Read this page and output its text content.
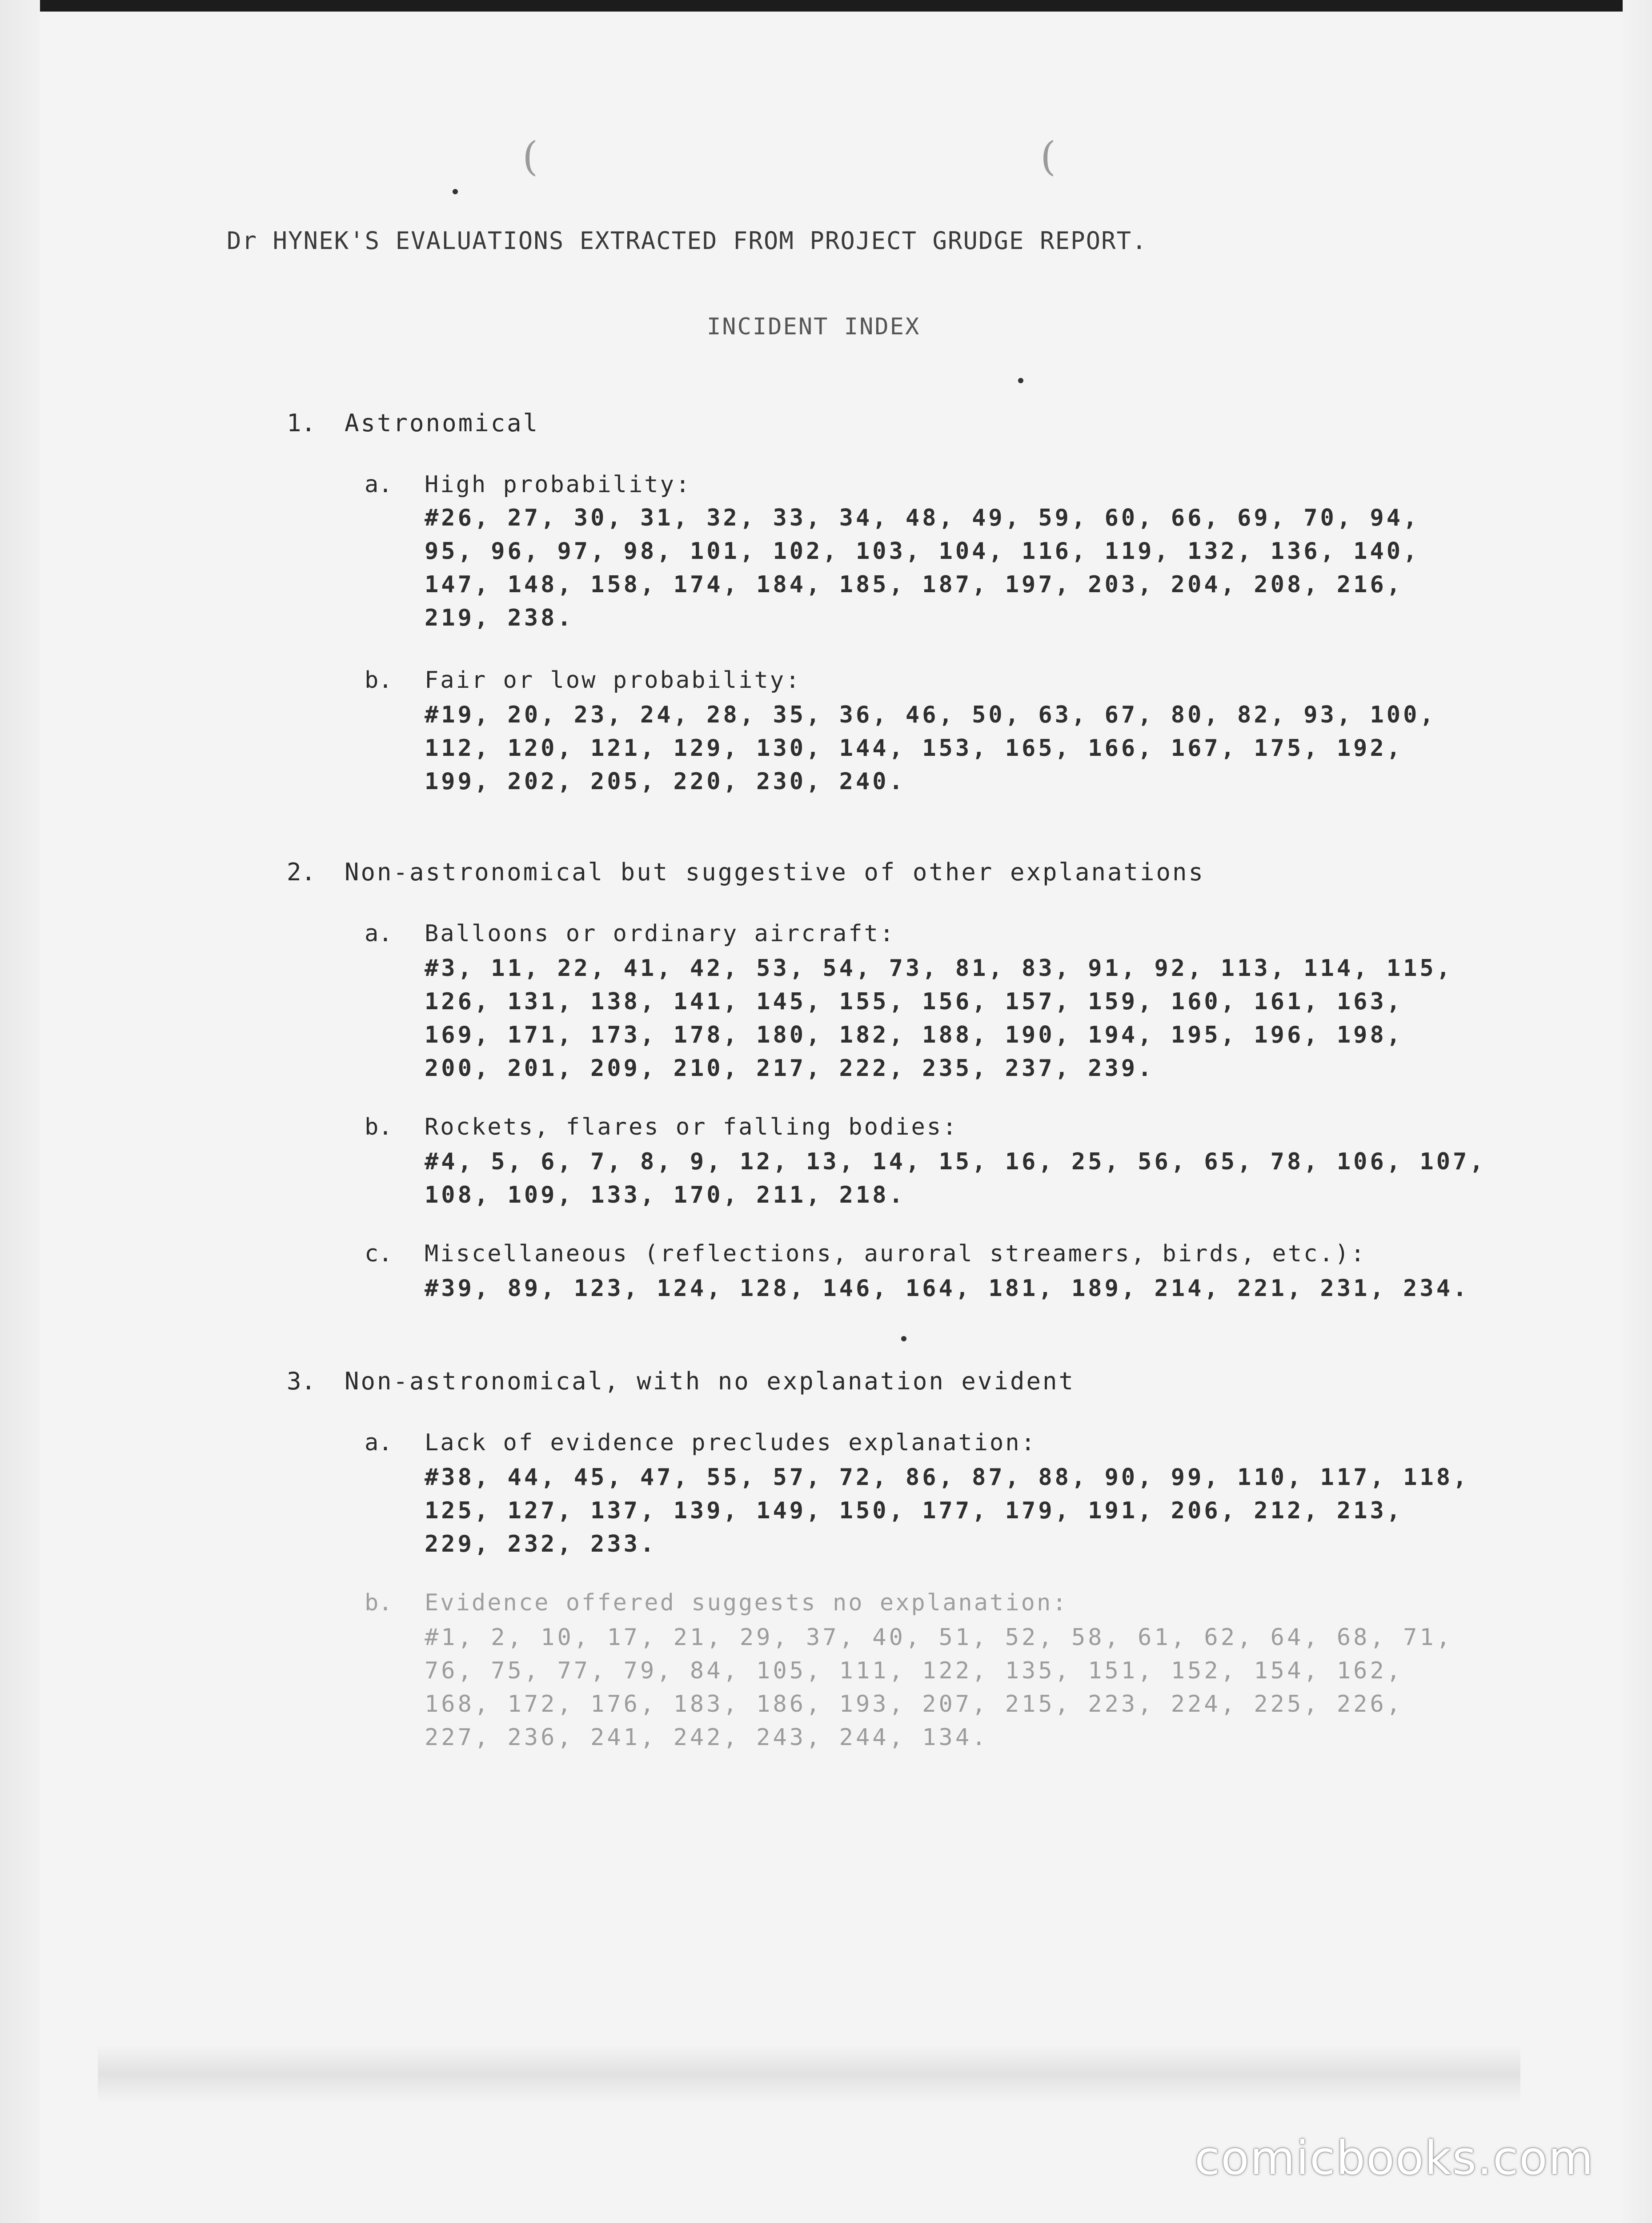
(	(
Dr HYNEK'S EVALUATIONS EXTRACTED FROM PROJECT GRUDGE REPORT.
INCIDENT INDEX
1. Astronomical
a. High probability:
#26, 27, 30, 31, 32, 33, 34, 48, 49, 59, 60, 66, 69, 70, 94,
95, 96, 97, 98, 101, 102, 103, 104, 116, 119, 132, 136, 140,
147, 148, 158, 174, 184, 185, 187, 197, 203, 204, 208, 216,
219, 238.
b. Fair or low probability:
#19, 20, 23, 24, 28, 35, 36, 46, 50, 63, 67, 80, 82, 93, 100,
112, 120, 121, 129, 130, 144, 153, 165, 166, 167, 175, 192,
199, 202, 205, 220, 230, 240.
2. Non-astronomical but suggestive of other explanations
a. Balloons or ordinary aircraft:
#3, 11, 22, 41, 42, 53, 54, 73, 81, 83, 91, 92, 113, 114, 115,
126, 131, 138, 141, 145, 155, 156, 157, 159, 160, 161, 163,
169, 171, 173, 178, 180, 182, 188, 190, 194, 195, 196, 198,
200, 201, 209, 210, 217, 222, 235, 237, 239.
b. Rockets, flares or falling bodies:
#4, 5, 6, 7, 8, 9, 12, 13, 14, 15, 16, 25, 56, 65, 78, 106, 107,
108, 109, 133, 170, 211, 218.
c. Miscellaneous (reflections, auroral streamers, birds, etc.):
#39, 89, 123, 124, 128, 146, 164, 181, 189, 214, 221, 231, 234.
3. Non-astronomical, with no explanation evident
a. Lack of evidence precludes explanation:
#38, 44, 45, 47, 55, 57, 72, 86, 87, 88, 90, 99, 110, 117, 118,
125, 127, 137, 139, 149, 150, 177, 179, 191, 206, 212, 213,
229, 232, 233.
b. Evidence offered suggests no explanation:
#1, 2, 10, 17, 21, 29, 37, 40, 51, 52, 58, 61, 62, 64, 68, 71,
76, 75, 77, 79, 84, 105, 111, 122, 135, 151, 152, 154, 162,
168, 172, 176, 183, 186, 193, 207, 215, 223, 224, 225, 226,
227, 236, 241, 242, 243, 244, 134.
comicbooks.com
